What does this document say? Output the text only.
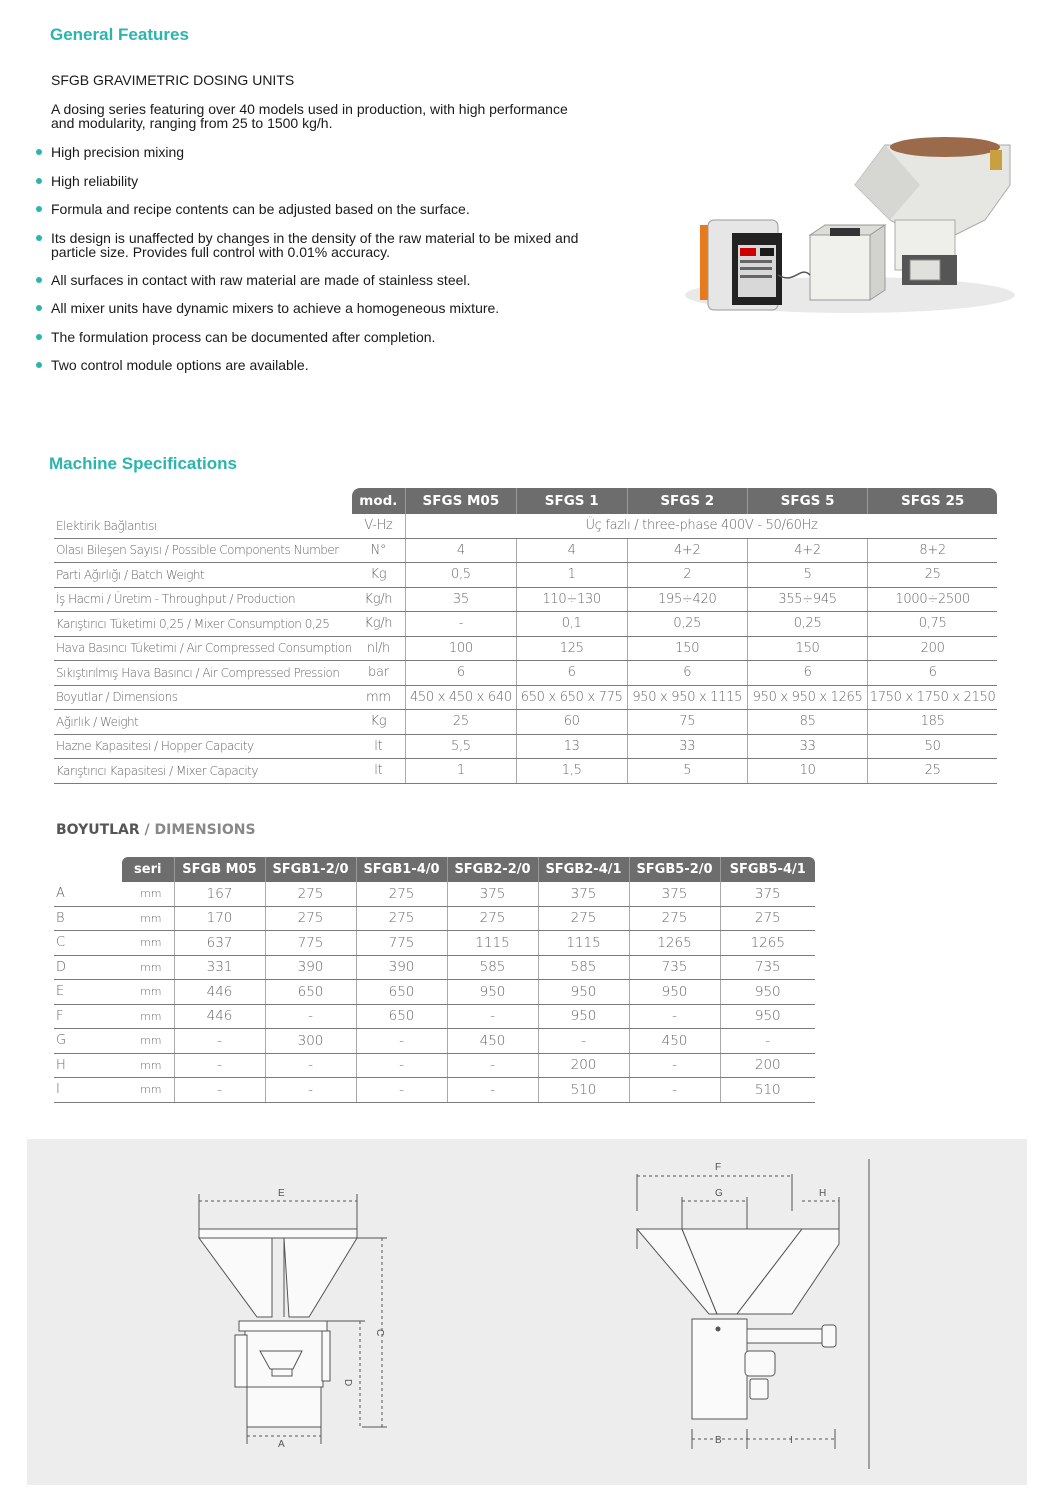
General Features
SFGB GRAVIMETRIC DOSING UNITS
A dosing series featuring over 40 models used in production, with high performance
and modularity, ranging from 25 to 1500 kg/h.
High precision mixing
High reliability
Formula and recipe contents can be adjusted based on the surface.
Its design is unaffected by changes in the density of the raw material to be mixed and
particle size. Provides full control with 0.01% accuracy.
All surfaces in contact with raw material are made of stainless steel.
All mixer units have dynamic mixers to achieve a homogeneous mixture.
The formulation process can be documented after completion.
Two control module options are available.
Machine Specifications
	mod.	SFGS M05	SFGS 1	SFGS 2	SFGS 5	SFGS 25
Elektirik Bağlantısı	V-Hz	Üç fazlı / three-phase 400V - 50/60Hz				
Olası Bileşen Sayısı / Possible Components Number	N°	4	4	4+2	4+2	8+2
Parti Ağırlığı / Batch Weight	Kg	0,5	1	2	5	25
İş Hacmi / Üretim - Throughput / Production	Kg/h	35	110÷130	195÷420	355÷945	1000÷2500
Karıştırıcı Tüketimi 0,25 / Mixer Consumption 0,25	Kg/h	-	0,1	0,25	0,25	0,75
Hava Basıncı Tüketimi / Air Compressed Consumption	nl/h	100	125	150	150	200
Sıkıştırılmış Hava Basıncı / Air Compressed Pression	bar	6	6	6	6	6
Boyutlar / Dimensions	mm	450 x 450 x 640	650 x 650 x 775	950 x 950 x 1115	950 x 950 x 1265	1750 x 1750 x 2150
Ağırlık / Weight	Kg	25	60	75	85	185
Hazne Kapasitesi / Hopper Capacity	lt	5,5	13	33	33	50
Karıştırıcı Kapasitesi / Mixer Capacity	lt	1	1,5	5	10	25
BOYUTLAR / DIMENSIONS
	seri	SFGB M05	SFGB1-2/0	SFGB1-4/0	SFGB2-2/0	SFGB2-4/1	SFGB5-2/0	SFGB5-4/1
A	mm	167	275	275	375	375	375	375
B	mm	170	275	275	275	275	275	275
C	mm	637	775	775	1115	1115	1265	1265
D	mm	331	390	390	585	585	735	735
E	mm	446	650	650	950	950	950	950
F	mm	446	-	650	-	950	-	950
G	mm	-	300	-	450	-	450	-
H	mm	-	-	-	-	200	-	200
I	mm	-	-	-	-	510	-	510
E
A
C
D
F
G	H
B	I
